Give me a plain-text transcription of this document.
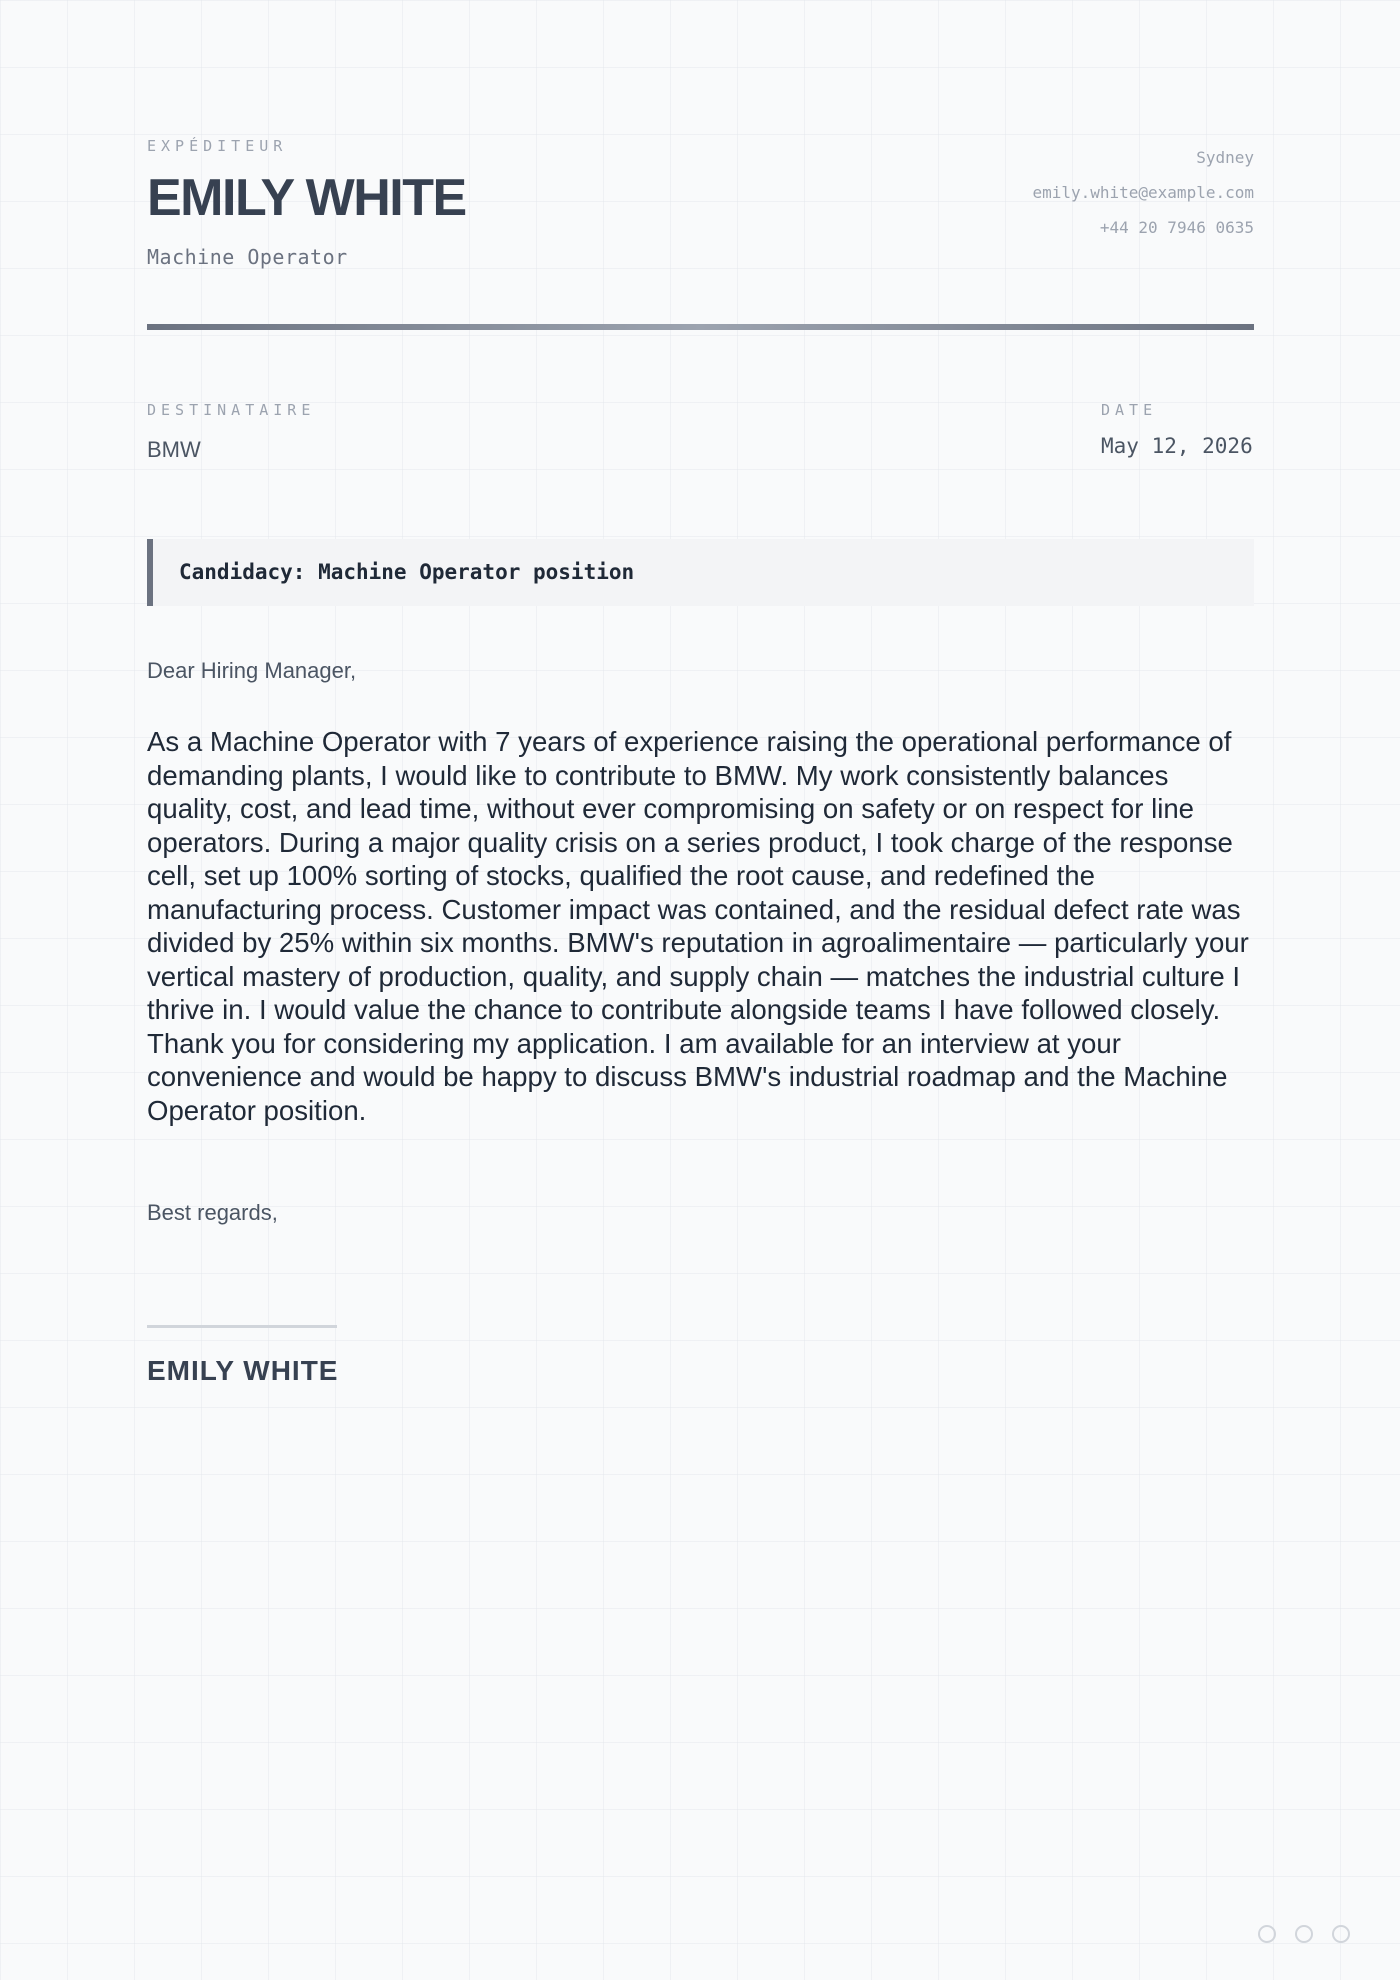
EXPÉDITEUR
EMILY WHITE
Machine Operator
Sydney
emily.white@example.com
+44 20 7946 0635
DESTINATAIRE
BMW
DATE
May 12, 2026
Candidacy: Machine Operator position
Dear Hiring Manager,
As a Machine Operator with 7 years of experience raising the operational performance of demanding plants, I would like to contribute to BMW. My work consistently balances quality, cost, and lead time, without ever compromising on safety or on respect for line operators. During a major quality crisis on a series product, I took charge of the response cell, set up 100% sorting of stocks, qualified the root cause, and redefined the manufacturing process. Customer impact was contained, and the residual defect rate was divided by 25% within six months. BMW's reputation in agroalimentaire — particularly your vertical mastery of production, quality, and supply chain — matches the industrial culture I thrive in. I would value the chance to contribute alongside teams I have followed closely. Thank you for considering my application. I am available for an interview at your convenience and would be happy to discuss BMW's industrial roadmap and the Machine Operator position.
Best regards,
EMILY WHITE
